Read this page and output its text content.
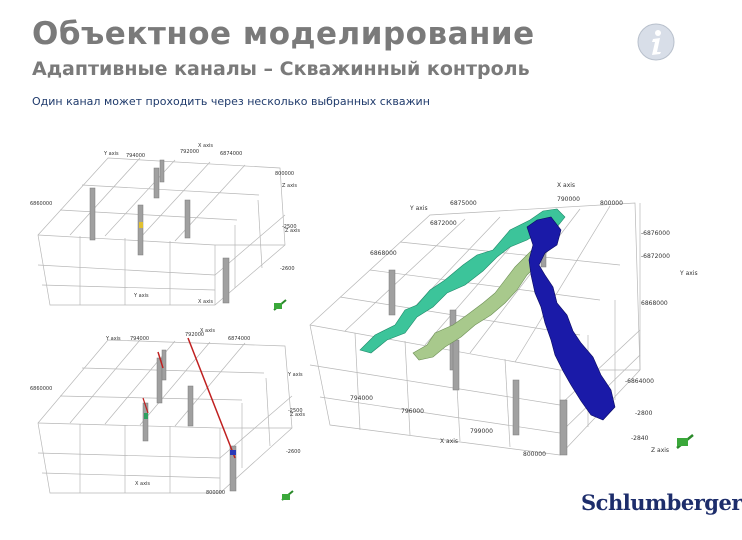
Объектное моделирование
Адаптивные каналы – Скважинный контроль
Один канал может проходить через несколько выбранных скважин
Y axis
X axis
Z axis
Z axis
X axis
Y axis
794000
792000	6874000
6860000
800000
-2500
-2600
Y axis
X axis
Y axis
Z axis
X axis
794000
792000
6874000
6860000
800000
-2500
-2600
X axis
Y axis
Y axis
X axis
Z axis
790000
800000
6875000
6872000
6868000
-6876000
-6872000
6868000
-6864000
-2800
-2840
794000
796000
799000
800000
Schlumberger
